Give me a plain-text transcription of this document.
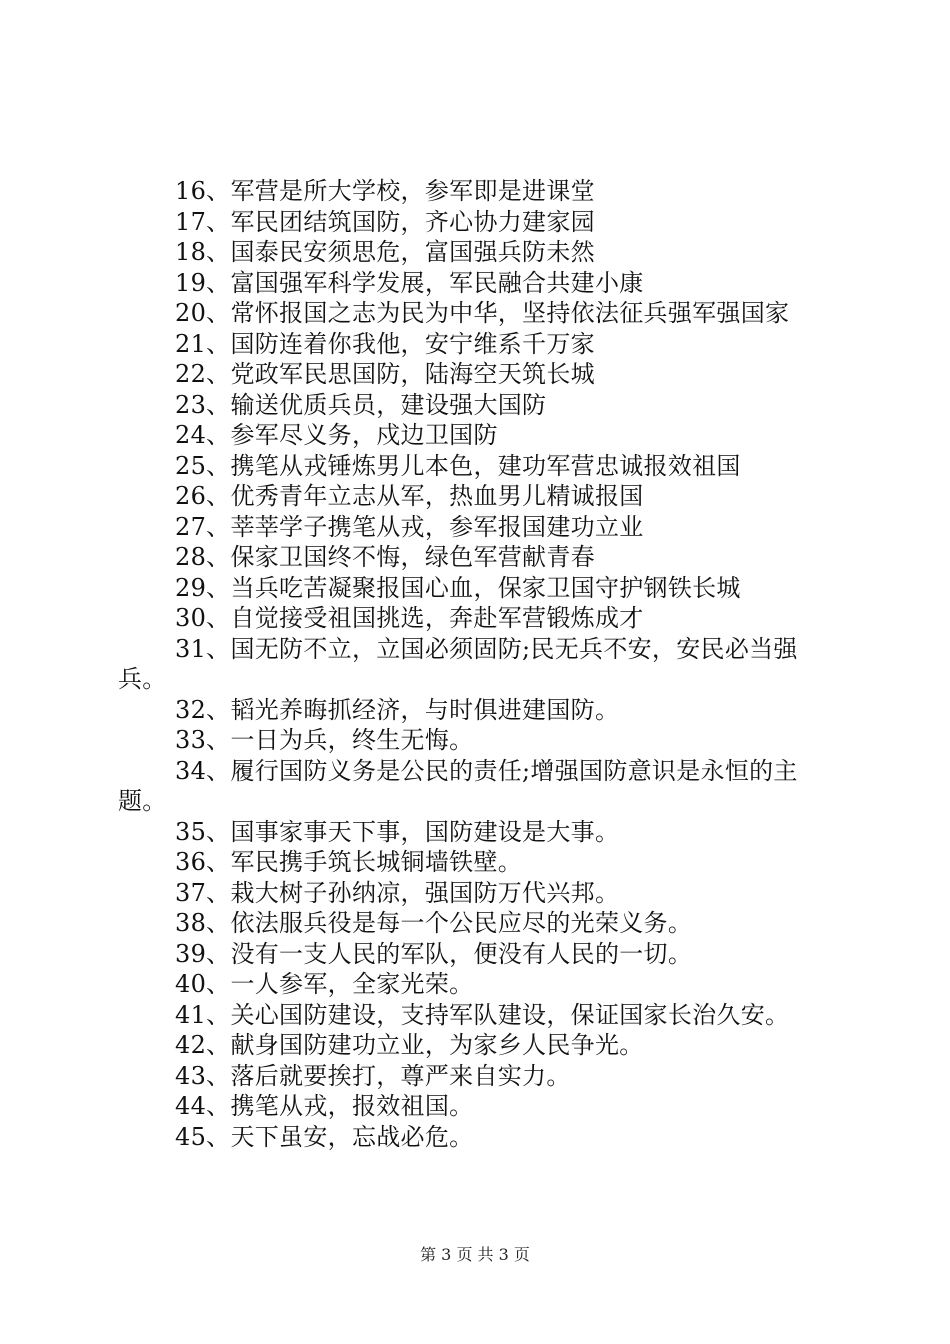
16、军营是所大学校，参军即是进课堂

17、军民团结筑国防，齐心协力建家园

18、国泰民安须思危，富国强兵防未然

19、富国强军科学发展，军民融合共建小康

20、常怀报国之志为民为中华，坚持依法征兵强军强国家

21、国防连着你我他，安宁维系千万家

22、党政军民思国防，陆海空天筑长城

23、输送优质兵员，建设强大国防

24、参军尽义务，戍边卫国防

25、携笔从戎锤炼男儿本色，建功军营忠诚报效祖国

26、优秀青年立志从军，热血男儿精诚报国

27、莘莘学子携笔从戎，参军报国建功立业

28、保家卫国终不悔，绿色军营献青春

29、当兵吃苦凝聚报国心血，保家卫国守护钢铁长城

30、自觉接受祖国挑选，奔赴军营锻炼成才

31、国无防不立，立国必须固防;民无兵不安，安民必当强兵。

32、韬光养晦抓经济，与时俱进建国防。

33、一日为兵，终生无悔。

34、履行国防义务是公民的责任;增强国防意识是永恒的主题。

35、国事家事天下事，国防建设是大事。

36、军民携手筑长城铜墙铁壁。

37、栽大树子孙纳凉，强国防万代兴邦。

38、依法服兵役是每一个公民应尽的光荣义务。

39、没有一支人民的军队，便没有人民的一切。

40、一人参军，全家光荣。

41、关心国防建设，支持军队建设，保证国家长治久安。

42、献身国防建功立业，为家乡人民争光。

43、落后就要挨打，尊严来自实力。

44、携笔从戎，报效祖国。

45、天下虽安，忘战必危。

第 3 页 共 3 页
